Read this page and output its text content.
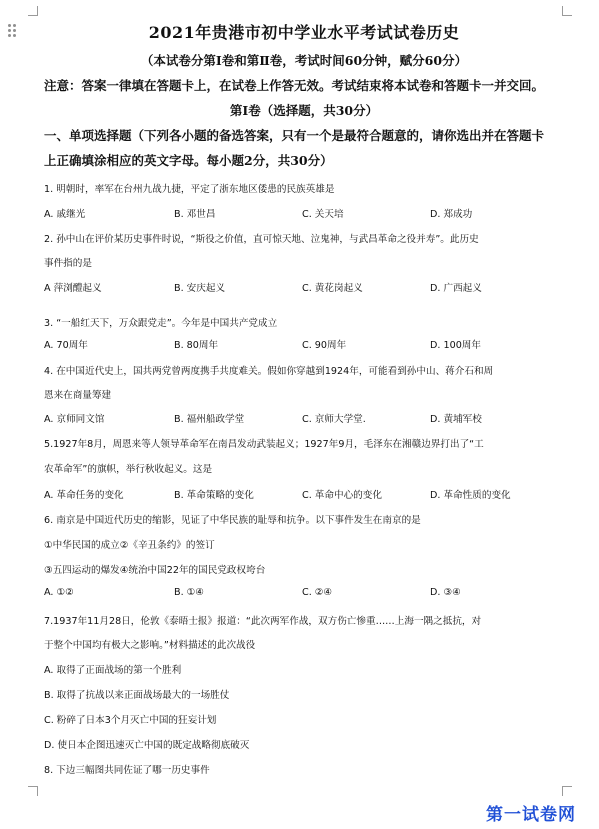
2021年贵港市初中学业水平考试试卷历史
（本试卷分第Ⅰ卷和第Ⅱ卷，考试时间60分钟，赋分60分）
注意：答案一律填在答题卡上，在试卷上作答无效。考试结束将本试卷和答题卡一并交回。
第Ⅰ卷（选择题，共30分）
一、单项选择题（下列各小题的备选答案，只有一个是最符合题意的，请你选出并在答题卡
上正确填涂相应的英文字母。每小题2分，共30分）
1. 明朝时，率军在台州九战九捷，平定了浙东地区倭患的民族英雄是
A. 戚继光	B. 邓世昌	C. 关天培	D. 郑成功
2. 孙中山在评价某历史事件时说，“斯役之价值，直可惊天地、泣鬼神，与武昌革命之役并寿”。此历史
事件指的是
A 萍浏醴起义	B. 安庆起义	C. 黄花岗起义	D. 广西起义
3. “一船红天下，万众跟党走”。今年是中国共产党成立
A. 70周年	B. 80周年	C. 90周年	D. 100周年
4. 在中国近代史上，国共两党曾两度携手共度难关。假如你穿越到1924年，可能看到孙中山、蒋介石和周
恩来在商量筹建
A. 京师同文馆	B. 福州船政学堂	C. 京师大学堂.	D. 黄埔军校
5.1927年8月，周恩来等人领导革命军在南昌发动武装起义；1927年9月，毛泽东在湘赣边界打出了“工
农革命军”的旗帜，举行秋收起义。这是
A. 革命任务的变化	B. 革命策略的变化	C. 革命中心的变化	D. 革命性质的变化
6. 南京是中国近代历史的缩影，见证了中华民族的耻辱和抗争。以下事件发生在南京的是
①中华民国的成立②《辛丑条约》的签订
③五四运动的爆发④统治中国22年的国民党政权垮台
A. ①②	B. ①④	C. ②④	D. ③④
7.1937年11月28日，伦敦《泰晤士报》报道：“此次两军作战，双方伤亡惨重……上海一隅之抵抗，对
于整个中国均有极大之影响。”材料描述的此次战役
A. 取得了正面战场的第一个胜利
B. 取得了抗战以来正面战场最大的一场胜仗
C. 粉碎了日本3个月灭亡中国的狂妄计划
D. 使日本企图迅速灭亡中国的既定战略彻底破灭
8. 下边三幅图共同佐证了哪一历史事件
第一试卷网
